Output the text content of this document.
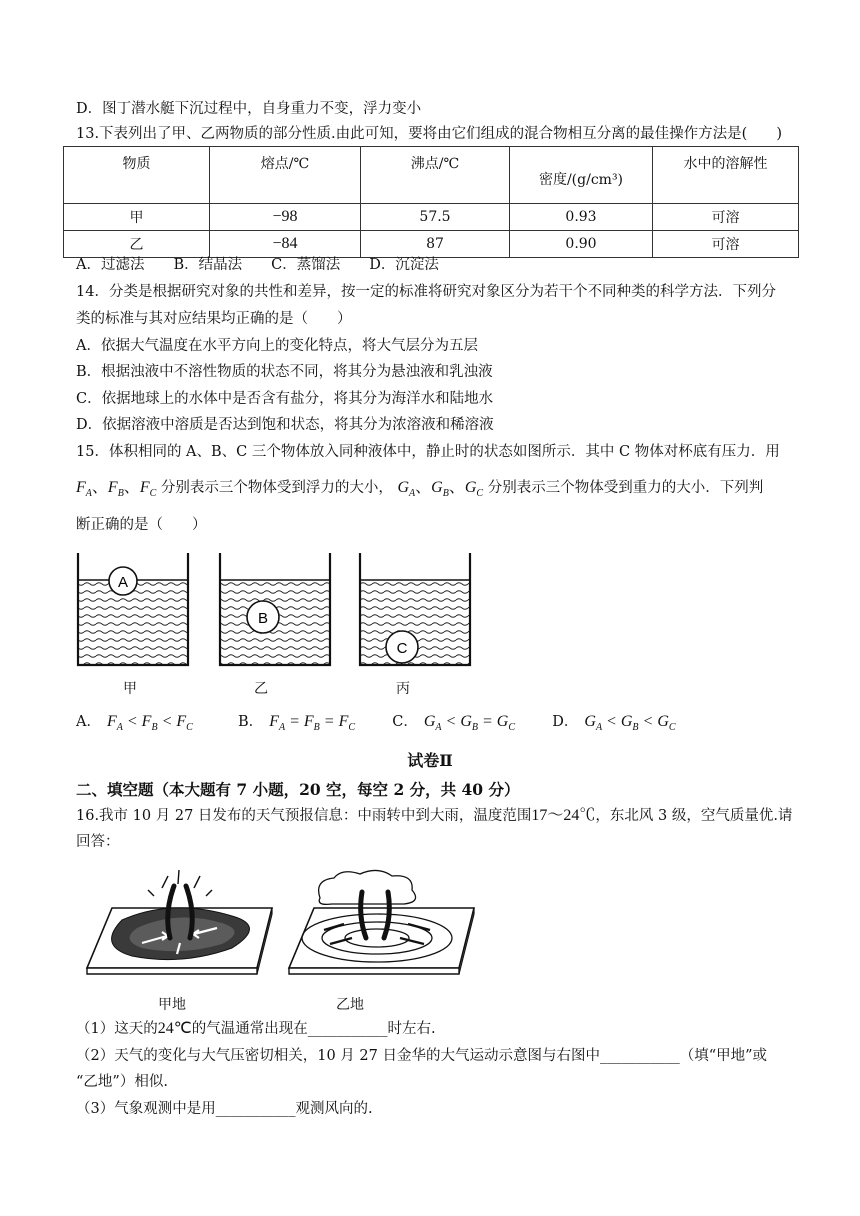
D．图丁潜水艇下沉过程中，自身重力不变，浮力变小
13.下表列出了甲、乙两物质的部分性质.由此可知，要将由它们组成的混合物相互分离的最佳操作方法是(　　)
物质	熔点/℃	沸点/℃	密度/(g/cm³)	水中的溶解性
甲	−98	57.5	0.93	可溶
乙	−84	87	0.90	可溶
A．过滤法　　B．结晶法　　C．蒸馏法　　D．沉淀法
14．分类是根据研究对象的共性和差异，按一定的标准将研究对象区分为若干个不同种类的科学方法．下列分
类的标准与其对应结果均正确的是（　　）
A．依据大气温度在水平方向上的变化特点，将大气层分为五层
B．根据浊液中不溶性物质的状态不同，将其分为悬浊液和乳浊液
C．依据地球上的水体中是否含有盐分，将其分为海洋水和陆地水
D．依据溶液中溶质是否达到饱和状态，将其分为浓溶液和稀溶液
15．体积相同的 A、B、C 三个物体放入同种液体中，静止时的状态如图所示．其中 C 物体对杯底有压力．用
$F_A$、$F_B$、$F_C$ 分别表示三个物体受到浮力的大小， $G_A$、$G_B$、$G_C$ 分别表示三个物体受到重力的大小．下列判
断正确的是（　　）
A
B
C
甲	乙	丙
A． $F_A < F_B < F_C$	B． $F_A = F_B = F_C$	C． $G_A < G_B = G_C$	D． $G_A < G_B < G_C$
试卷Ⅱ
二、填空题（本大题有 7 小题，20 空，每空 2 分，共 40 分）
16.我市 10 月 27 日发布的天气预报信息：中雨转中到大雨，温度范围17～24℃，东北风 3 级，空气质量优.请
回答：
甲地	乙地
（1）这天的24℃的气温通常出现在___________时左右.
（2）天气的变化与大气压密切相关，10 月 27 日金华的大气运动示意图与右图中___________（填“甲地”或
“乙地”）相似.
（3）气象观测中是用___________观测风向的.
